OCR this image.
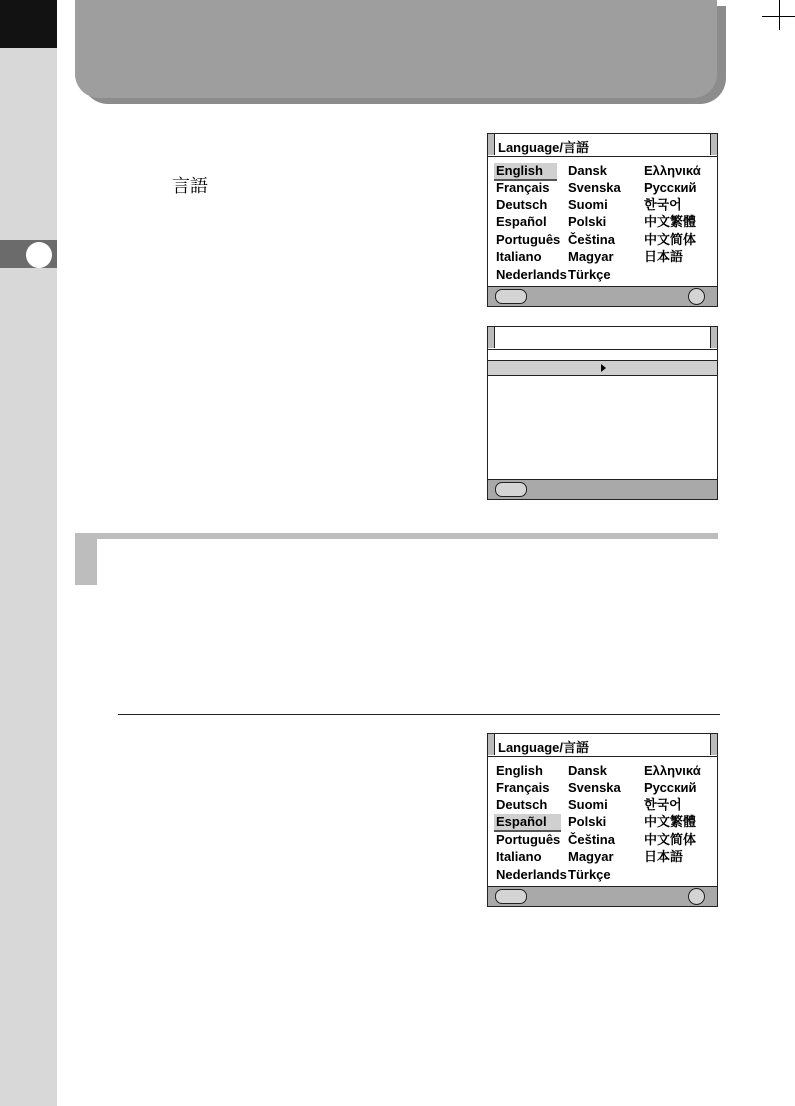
言語
Language/言語
English
Français
Deutsch
Español
Português
Italiano
Nederlands
Dansk
Svenska
Suomi
Polski
Čeština
Magyar
Türkçe
Ελληνικά
Русский
한국어
中文繁體
中文简体
日本語
Language/言語
English
Français
Deutsch
Español
Português
Italiano
Nederlands
Dansk
Svenska
Suomi
Polski
Čeština
Magyar
Türkçe
Ελληνικά
Русский
한국어
中文繁體
中文简体
日本語
